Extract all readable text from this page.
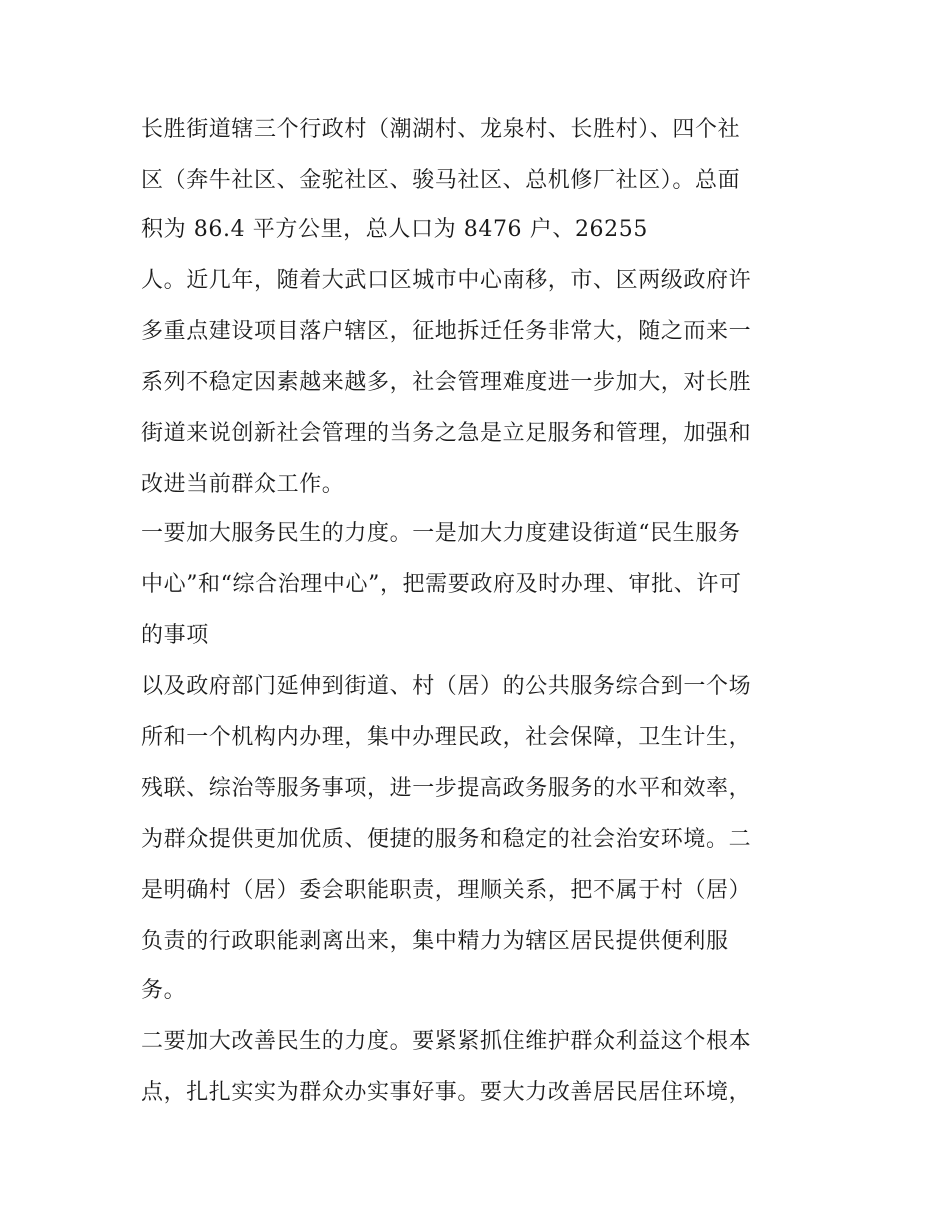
长胜街道辖三个行政村（潮湖村、龙泉村、长胜村）、四个社
区（奔牛社区、金驼社区、骏马社区、总机修厂社区）。总面
积为 86.4 平方公里，总人口为 8476 户、26255
人。近几年，随着大武口区城市中心南移，市、区两级政府许
多重点建设项目落户辖区，征地拆迁任务非常大，随之而来一
系列不稳定因素越来越多，社会管理难度进一步加大，对长胜
街道来说创新社会管理的当务之急是立足服务和管理，加强和
改进当前群众工作。
一要加大服务民生的力度。一是加大力度建设街道“民生服务
中心”和“综合治理中心”，把需要政府及时办理、审批、许可
的事项
以及政府部门延伸到街道、村（居）的公共服务综合到一个场
所和一个机构内办理，集中办理民政，社会保障，卫生计生，
残联、综治等服务事项，进一步提高政务服务的水平和效率，
为群众提供更加优质、便捷的服务和稳定的社会治安环境。二
是明确村（居）委会职能职责，理顺关系，把不属于村（居）
负责的行政职能剥离出来，集中精力为辖区居民提供便利服
务。
二要加大改善民生的力度。要紧紧抓住维护群众利益这个根本
点，扎扎实实为群众办实事好事。要大力改善居民居住环境，
